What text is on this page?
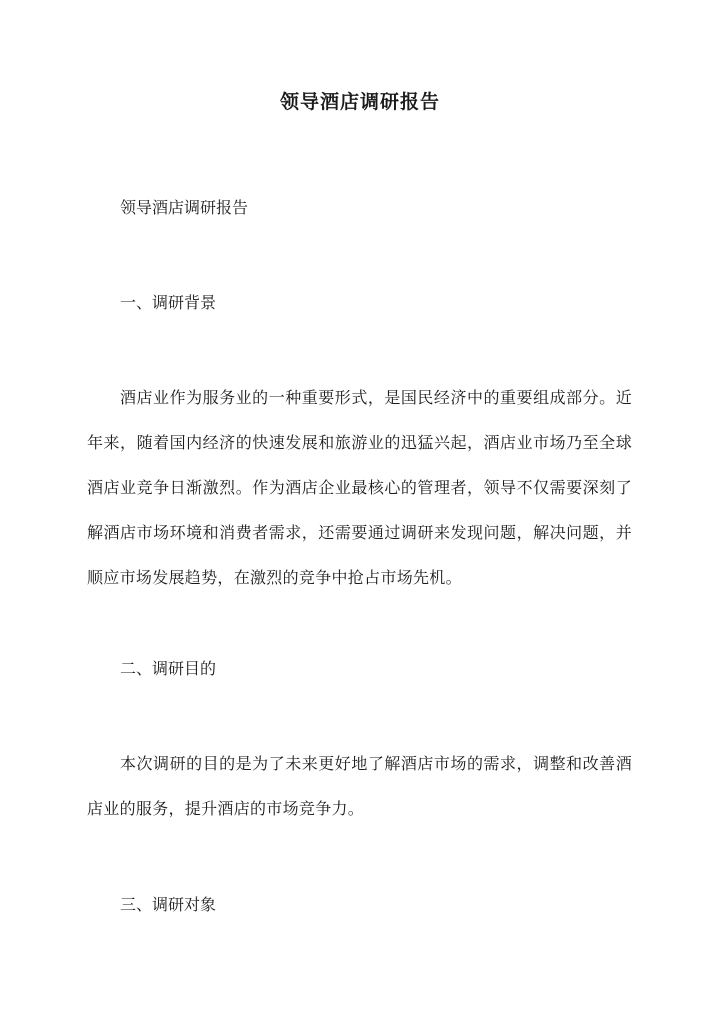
领导酒店调研报告
领导酒店调研报告
一、调研背景
酒店业作为服务业的一种重要形式，是国民经济中的重要组成部分。近年来，随着国内经济的快速发展和旅游业的迅猛兴起，酒店业市场乃至全球酒店业竞争日渐激烈。作为酒店企业最核心的管理者，领导不仅需要深刻了解酒店市场环境和消费者需求，还需要通过调研来发现问题，解决问题，并顺应市场发展趋势，在激烈的竞争中抢占市场先机。
二、调研目的
本次调研的目的是为了未来更好地了解酒店市场的需求，调整和改善酒店业的服务，提升酒店的市场竞争力。
三、调研对象
